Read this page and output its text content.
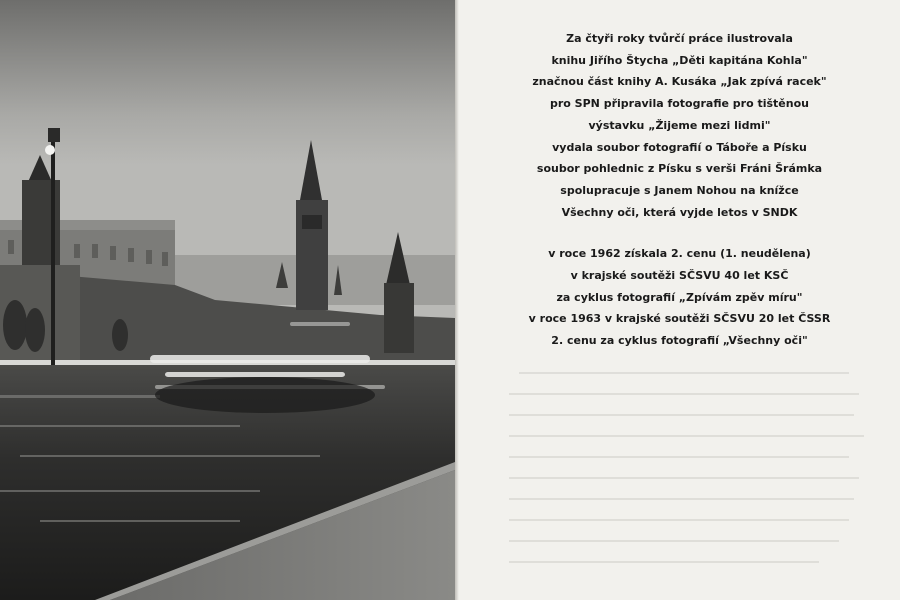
Za čtyři roky tvůrčí práce ilustrovala
knihu Jiřího Štycha „Děti kapitána Kohla"
značnou část knihy A. Kusáka „Jak zpívá racek"
pro SPN připravila fotografie pro tištěnou
výstavku „Žijeme mezi lidmi"
vydala soubor fotografií o Táboře a Písku
soubor pohlednic z Písku s verši Fráni Šrámka
spolupracuje s Janem Nohou na knížce
Všechny oči, která vyjde letos v SNDK
v roce 1962 získala 2. cenu (1. neudělena)
v krajské soutěži SČSVU 40 let KSČ
za cyklus fotografií „Zpívám zpěv míru"
v roce 1963 v krajské soutěži SČSVU 20 let ČSSR
2. cenu za cyklus fotografií „Všechny oči"
